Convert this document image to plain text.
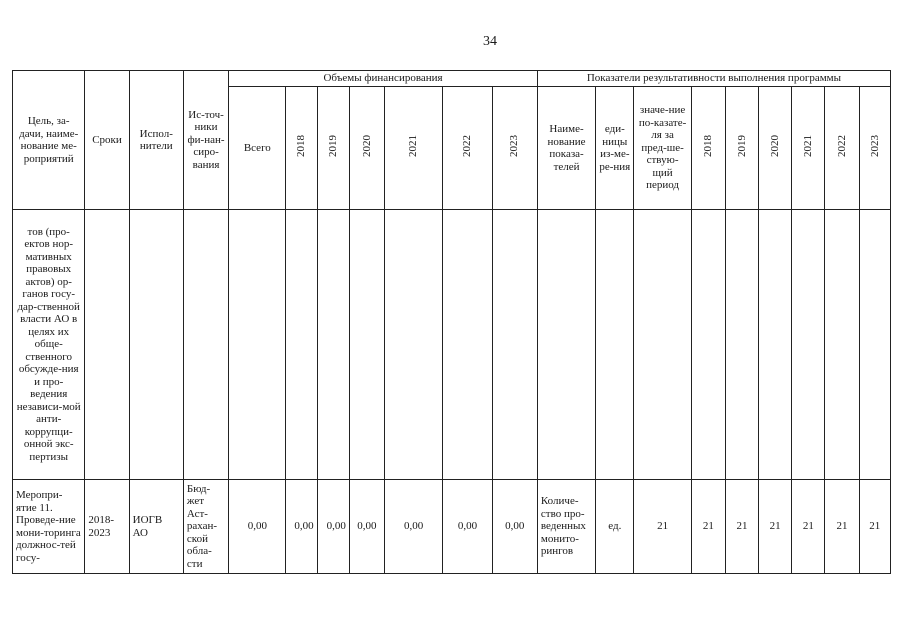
34
Цель, за-дачи, наиме-нование ме-роприятий	Сроки	Испол-нители	Ис-точ-ники фи-нан-сиро-вания	Объемы финансирования							Показатели результативности выполнения программы								
				Всего	2018	2019	2020	2021	2022	2023	Наиме-нование показа-телей	еди-ницы из-ме-ре-ния	значе-ние по-казате-ля за пред-ше-ствую-щий период	2018	2019	2020	2021	2022	2023
тов (про-ектов нор-мативных правовых актов) ор-ганов госу-дар-ственной власти АО в целях их обще-ственного обсужде-ния и про-ведения независи-мой анти-коррупци-онной экс-пертизы																			
Меропри-ятие 11. Проведе-ние мони-торинга должнос-тей госу-	2018-2023	ИОГВ АО	Бюд-жет Аст-рахан-ской обла-сти	0,00	0,00	0,00	0,00	0,00	0,00	0,00	Количе-ство про-веденных монито-рингов	ед.	21	21	21	21	21	21	21
